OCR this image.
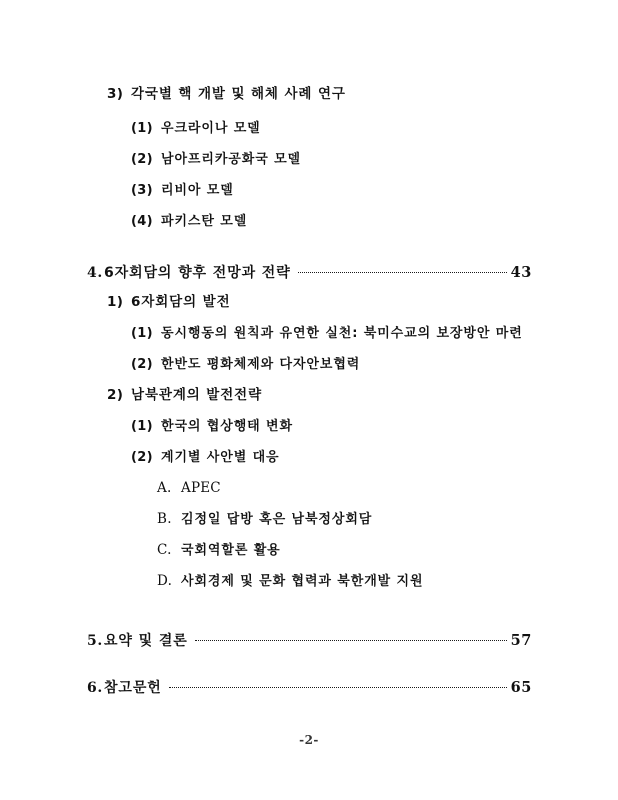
3) 각국별 핵 개발 및 해체 사례 연구
(1) 우크라이나 모델
(2) 남아프리카공화국 모델
(3) 리비아 모델
(4) 파키스탄 모델
4. 6자회담의 향후 전망과 전략	43
1) 6자회담의 발전
(1) 동시행동의 원칙과 유연한 실천: 북미수교의 보장방안 마련
(2) 한반도 평화체제와 다자안보협력
2) 남북관계의 발전전략
(1) 한국의 협상행태 변화
(2) 계기별 사안별 대응
A. APEC
B. 김정일 답방 혹은 남북정상회담
C. 국회역할론 활용
D. 사회경제 및 문화 협력과 북한개발 지원
5. 요약 및 결론	57
6. 참고문헌	65
-2-
